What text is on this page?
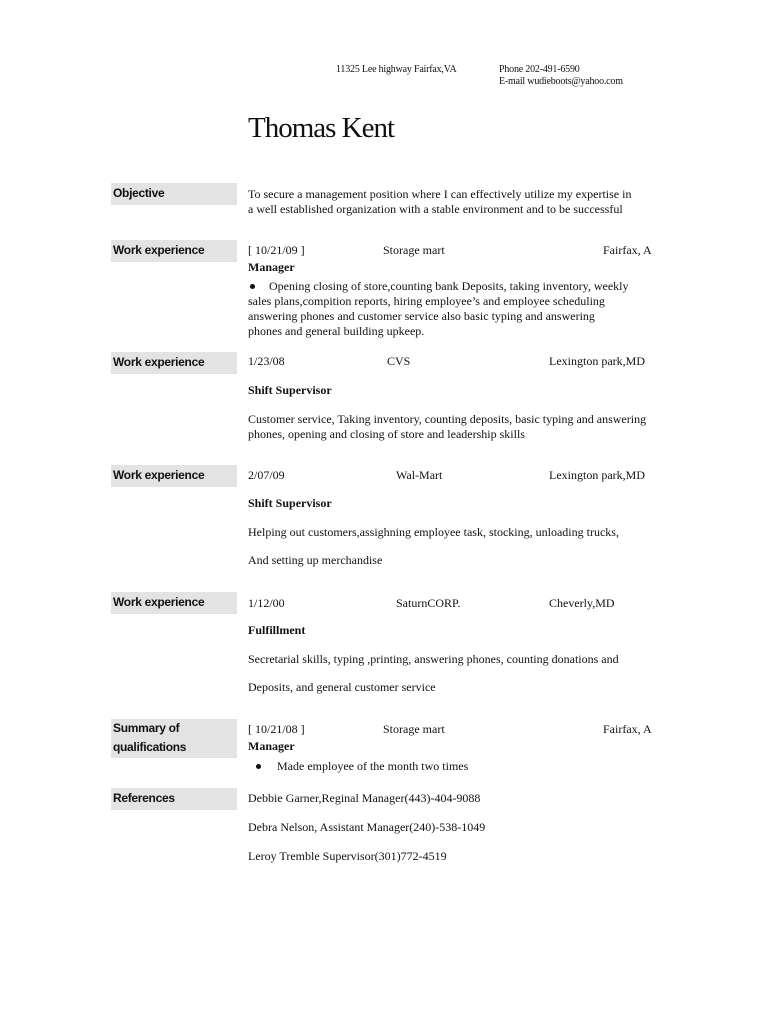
11325 Lee highway Fairfax,VA	Phone 202-491-6590
E-mail wudieboots@yahoo.com
Thomas Kent
Objective	To secure a management position where I can effectively utilize my expertise in
a well established organization with a stable environment and to be successful
Work experience	[ 10/21/09 ]	Storage mart	Fairfax, A
Manager
Opening closing of store,counting bank Deposits, taking inventory, weekly
sales plans,compition reports, hiring employee’s and employee scheduling
answering phones and customer service also basic typing and answering
phones and general building upkeep.
Work experience	1/23/08	CVS	Lexington park,MD
Shift Supervisor
Customer service, Taking inventory, counting deposits, basic typing and answering
phones, opening and closing of store and leadership skills
Work experience	2/07/09	Wal-Mart	Lexington park,MD
Shift Supervisor
Helping out customers,assighning employee task, stocking, unloading trucks,
And setting up merchandise
Work experience	1/12/00	SaturnCORP.	Cheverly,MD
Fulfillment
Secretarial skills, typing ,printing, answering phones, counting donations and
Deposits, and general customer service
Summary of
qualifications
[ 10/21/08 ]	Storage mart	Fairfax, A
Manager
Made employee of the month two times
References	Debbie Garner,Reginal Manager(443)-404-9088
Debra Nelson, Assistant Manager(240)-538-1049
Leroy Tremble Supervisor(301)772-4519
